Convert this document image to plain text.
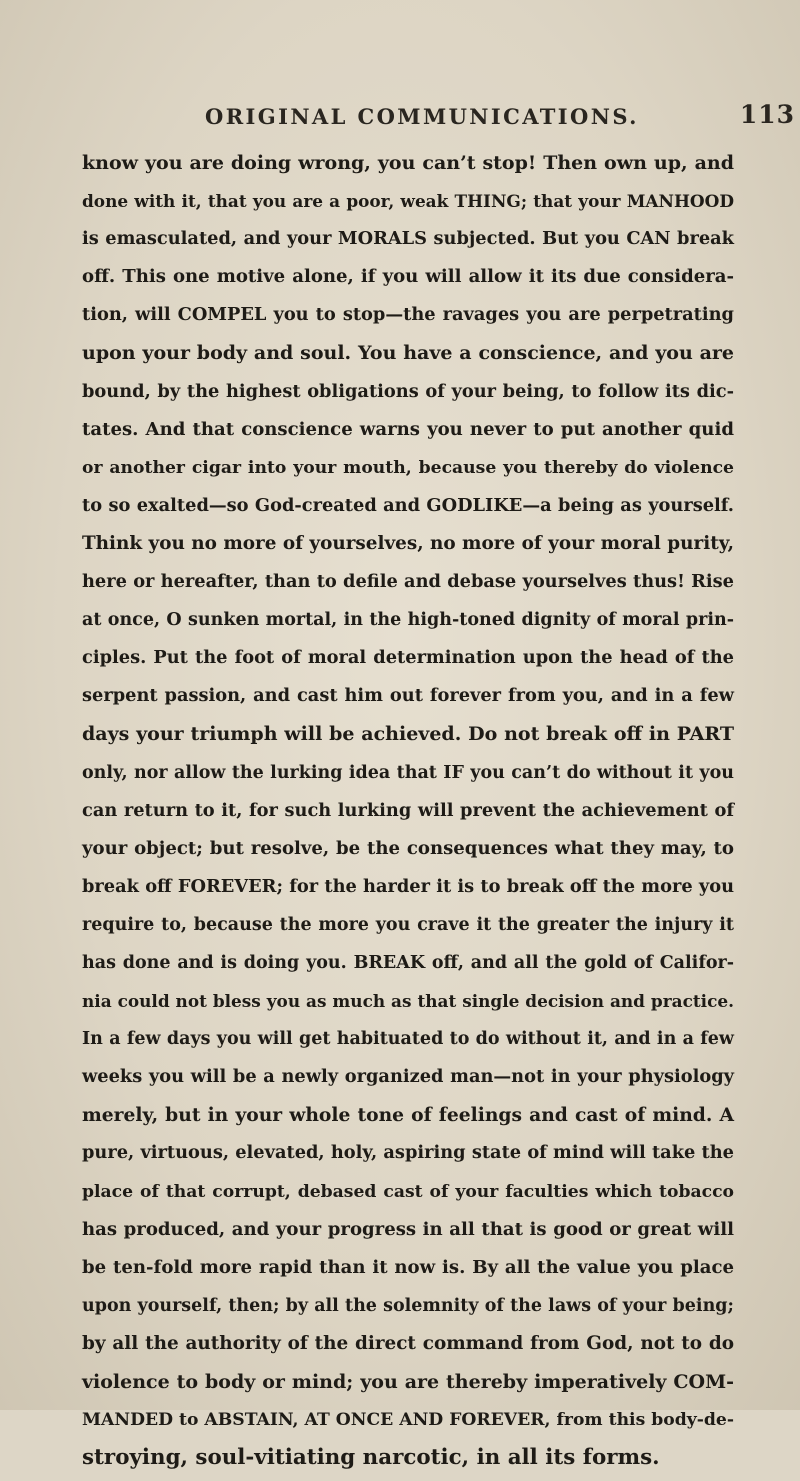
ORIGINAL COMMUNICATIONS.	113
know you are doing wrong, you can’t stop! Then own up, and
done with it, that you are a poor, weak THING; that your MANHOOD
is emasculated, and your MORALS subjected. But you CAN break
off. This one motive alone, if you will allow it its due considera-
tion, will COMPEL you to stop—the ravages you are perpetrating
upon your body and soul. You have a conscience, and you are
bound, by the highest obligations of your being, to follow its dic-
tates. And that conscience warns you never to put another quid
or another cigar into your mouth, because you thereby do violence
to so exalted—so God-created and GODLIKE—a being as yourself.
Think you no more of yourselves, no more of your moral purity,
here or hereafter, than to defile and debase yourselves thus! Rise
at once, O sunken mortal, in the high-toned dignity of moral prin-
ciples. Put the foot of moral determination upon the head of the
serpent passion, and cast him out forever from you, and in a few
days your triumph will be achieved. Do not break off in PART
only, nor allow the lurking idea that IF you can’t do without it you
can return to it, for such lurking will prevent the achievement of
your object; but resolve, be the consequences what they may, to
break off FOREVER; for the harder it is to break off the more you
require to, because the more you crave it the greater the injury it
has done and is doing you. BREAK off, and all the gold of Califor-
nia could not bless you as much as that single decision and practice.
In a few days you will get habituated to do without it, and in a few
weeks you will be a newly organized man—not in your physiology
merely, but in your whole tone of feelings and cast of mind. A
pure, virtuous, elevated, holy, aspiring state of mind will take the
place of that corrupt, debased cast of your faculties which tobacco
has produced, and your progress in all that is good or great will
be ten-fold more rapid than it now is. By all the value you place
upon yourself, then; by all the solemnity of the laws of your being;
by all the authority of the direct command from God, not to do
violence to body or mind; you are thereby imperatively COM-
MANDED to ABSTAIN, AT ONCE AND FOREVER, from this body-de-
stroying, soul-vitiating narcotic, in all its forms.
